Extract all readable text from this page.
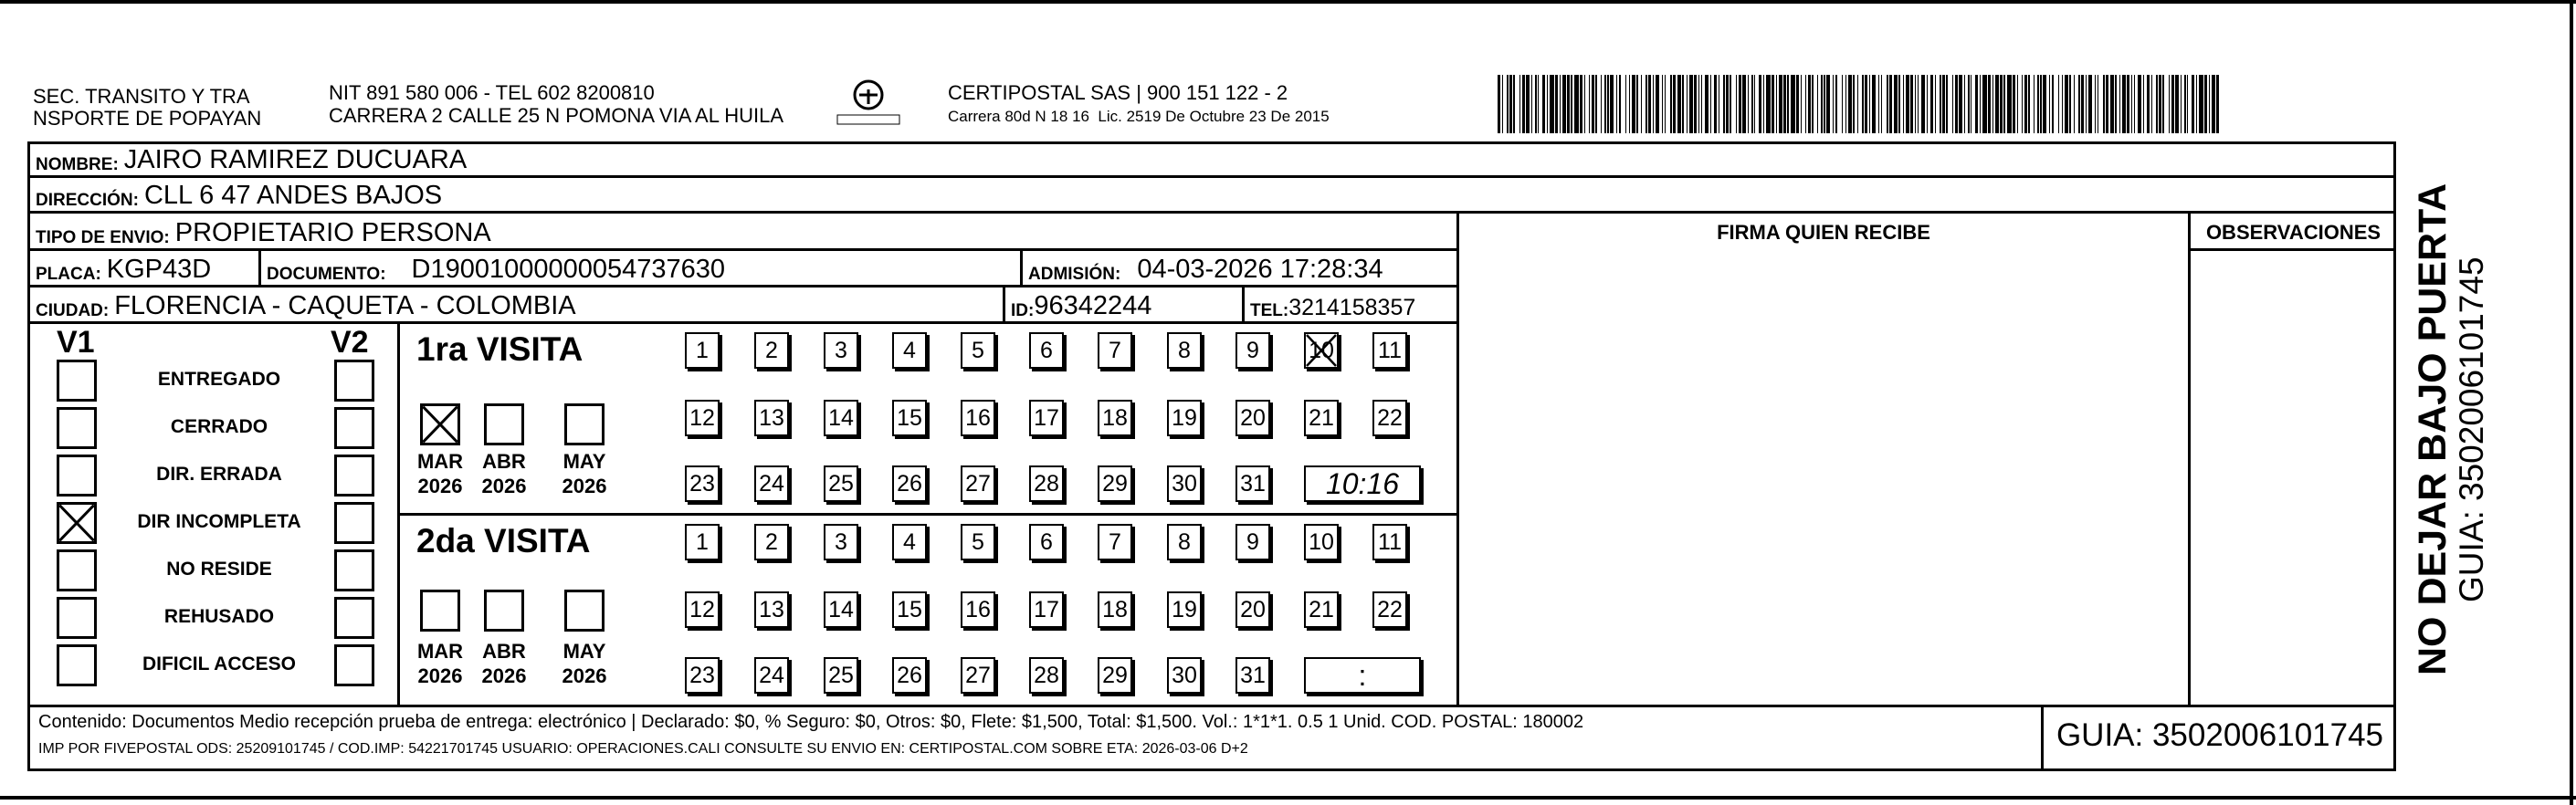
SEC. TRANSITO Y TRA
NSPORTE DE POPAYAN
NIT 891 580 006 - TEL 602 8200810
CARRERA 2 CALLE 25 N POMONA VIA AL HUILA
CERTIPOSTAL SAS | 900 151 122 - 2
Carrera 80d N 18 16  Lic. 2519 De Octubre 23 De 2015
NOMBRE: JAIRO RAMIREZ DUCUARA
DIRECCIÓN: CLL 6 47 ANDES BAJOS
TIPO DE ENVIO: PROPIETARIO PERSONA
PLACA: KGP43D	DOCUMENTO: D19001000000054737630	ADMISIÓN: 04-03-2026 17:28:34
CIUDAD: FLORENCIA - CAQUETA - COLOMBIA	ID: 96342244	TEL: 3214158357
FIRMA QUIEN RECIBE	OBSERVACIONES
V1	V2
ENTREGADO
CERRADO
DIR. ERRADA
DIR INCOMPLETA
NO RESIDE
REHUSADO
DIFICIL ACCESO
1ra VISITA
2da VISITA
MAR
2026
ABR
2026
MAY
2026
1	2	3	4	5	6	7	8	9	10 11
12 13 14 15 16 17 18 19 20 21 22
23 24 25 26 27 28 29 30 31	10:16
MAR
2026
ABR
2026
MAY
2026
1	2	3	4	5	6	7	8	9	10 11
12 13 14 15 16 17 18 19 20 21 22
23 24 25 26 27 28 29 30 31	:
Contenido: Documentos Medio recepción prueba de entrega: electrónico | Declarado: $0, % Seguro: $0, Otros: $0, Flete: $1,500, Total: $1,500. Vol.: 1*1*1. 0.5 1 Unid. COD. POSTAL: 180002
IMP POR FIVEPOSTAL ODS: 25209101745 / COD.IMP: 54221701745 USUARIO: OPERACIONES.CALI CONSULTE SU ENVIO EN: CERTIPOSTAL.COM SOBRE ETA: 2026-03-06 D+2	GUIA: 3502006101745
NO DEJAR BAJO PUERTA
GUIA: 3502006101745
